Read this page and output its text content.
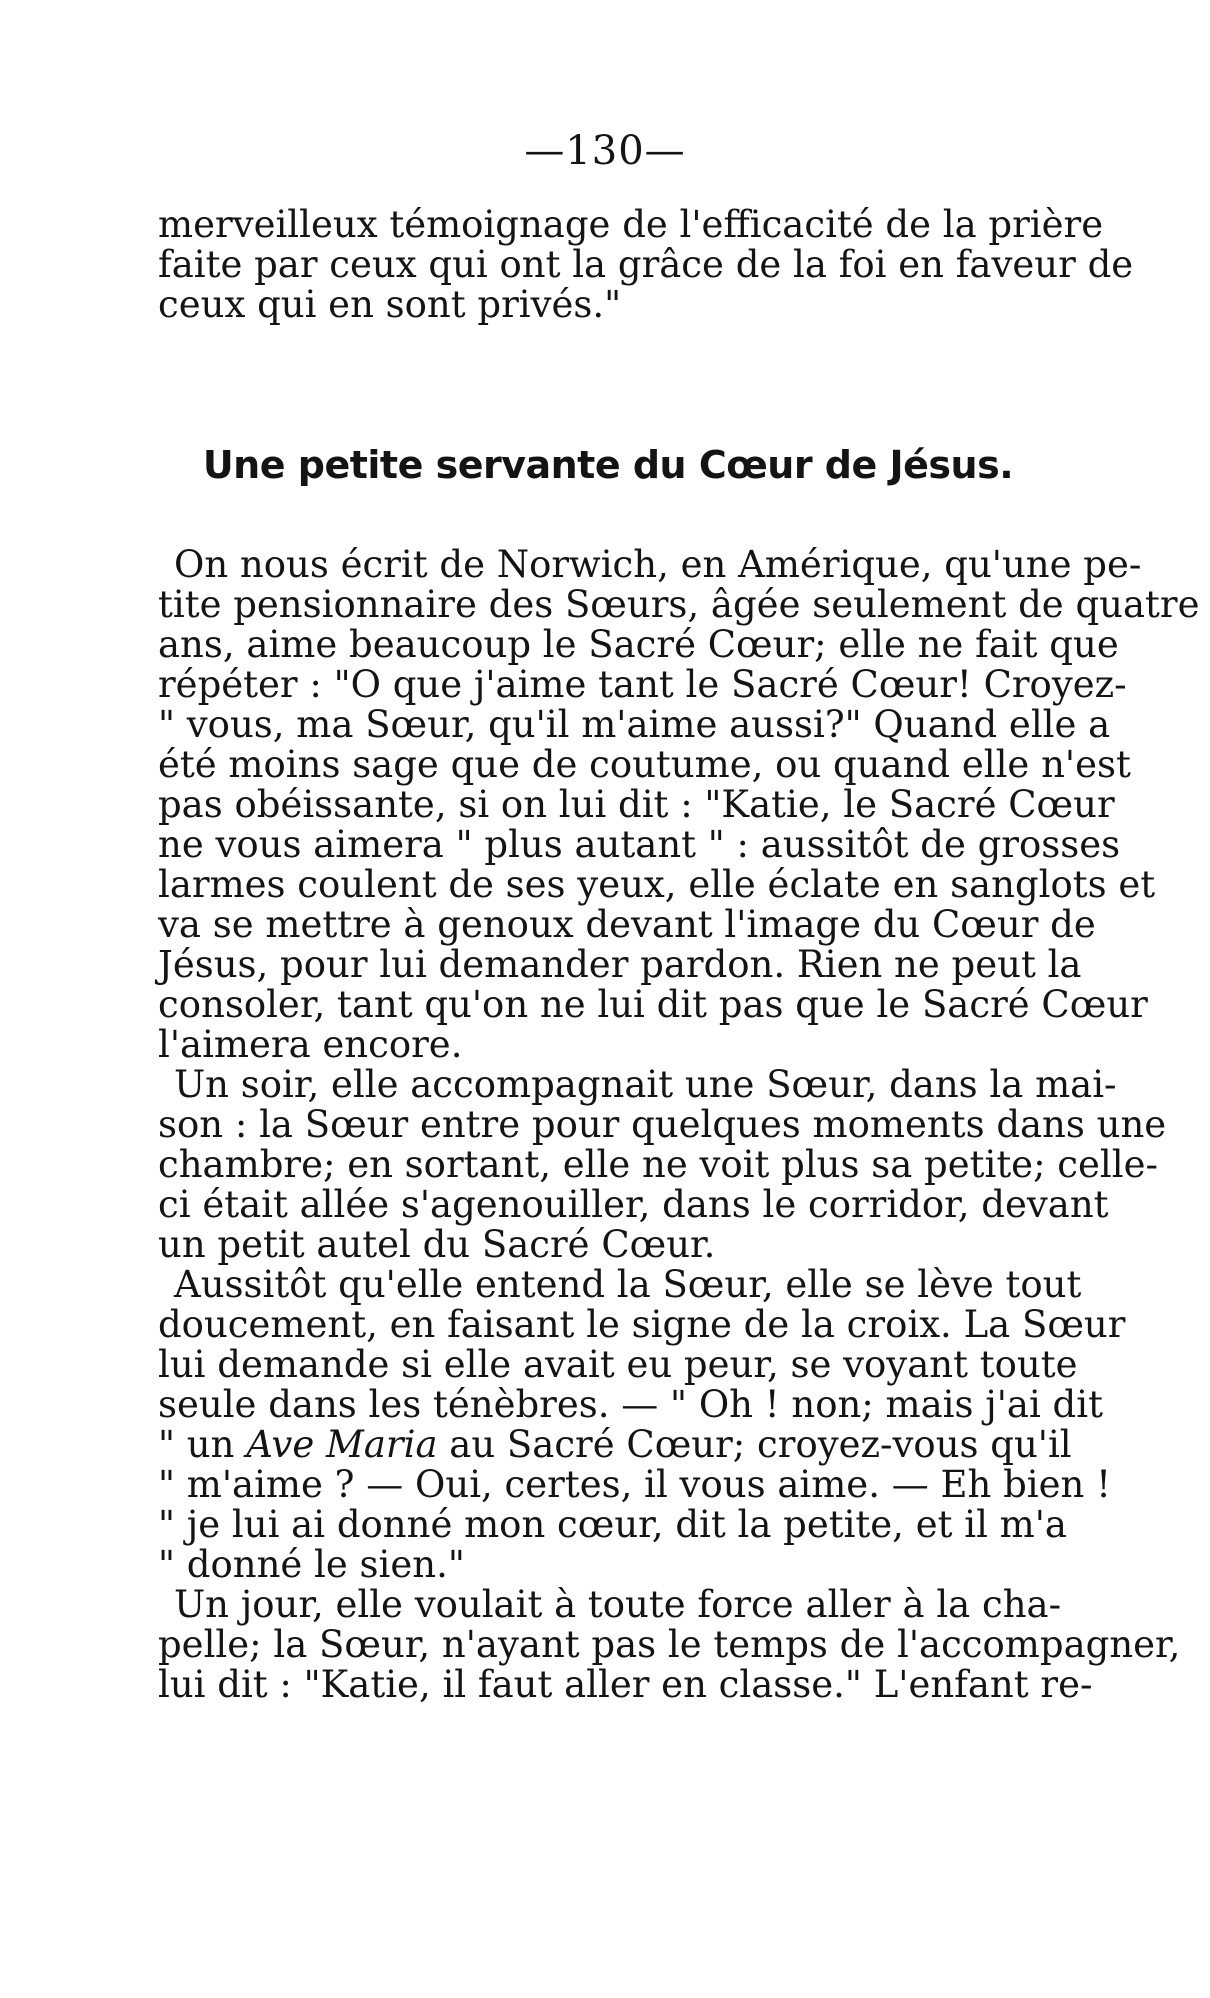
—130—
merveilleux témoignage de l'efficacité de la prière
faite par ceux qui ont la grâce de la foi en faveur de
ceux qui en sont privés."
Une petite servante du Cœur de Jésus.
On nous écrit de Norwich, en Amérique, qu'une pe-
tite pensionnaire des Sœurs, âgée seulement de quatre
ans, aime beaucoup le Sacré Cœur; elle ne fait que
répéter : "O que j'aime tant le Sacré Cœur! Croyez-
" vous, ma Sœur, qu'il m'aime aussi?" Quand elle a
été moins sage que de coutume, ou quand elle n'est
pas obéissante, si on lui dit : "Katie, le Sacré Cœur
ne vous aimera " plus autant " : aussitôt de grosses
larmes coulent de ses yeux, elle éclate en sanglots et
va se mettre à genoux devant l'image du Cœur de
Jésus, pour lui demander pardon. Rien ne peut la
consoler, tant qu'on ne lui dit pas que le Sacré Cœur
l'aimera encore.
Un soir, elle accompagnait une Sœur, dans la mai-
son : la Sœur entre pour quelques moments dans une
chambre; en sortant, elle ne voit plus sa petite; celle-
ci était allée s'agenouiller, dans le corridor, devant
un petit autel du Sacré Cœur.
Aussitôt qu'elle entend la Sœur, elle se lève tout
doucement, en faisant le signe de la croix. La Sœur
lui demande si elle avait eu peur, se voyant toute
seule dans les ténèbres. — " Oh ! non; mais j'ai dit
" un Ave Maria au Sacré Cœur; croyez-vous qu'il
" m'aime ? — Oui, certes, il vous aime. — Eh bien !
" je lui ai donné mon cœur, dit la petite, et il m'a
" donné le sien."
Un jour, elle voulait à toute force aller à la cha-
pelle; la Sœur, n'ayant pas le temps de l'accompagner,
lui dit : "Katie, il faut aller en classe." L'enfant re-
